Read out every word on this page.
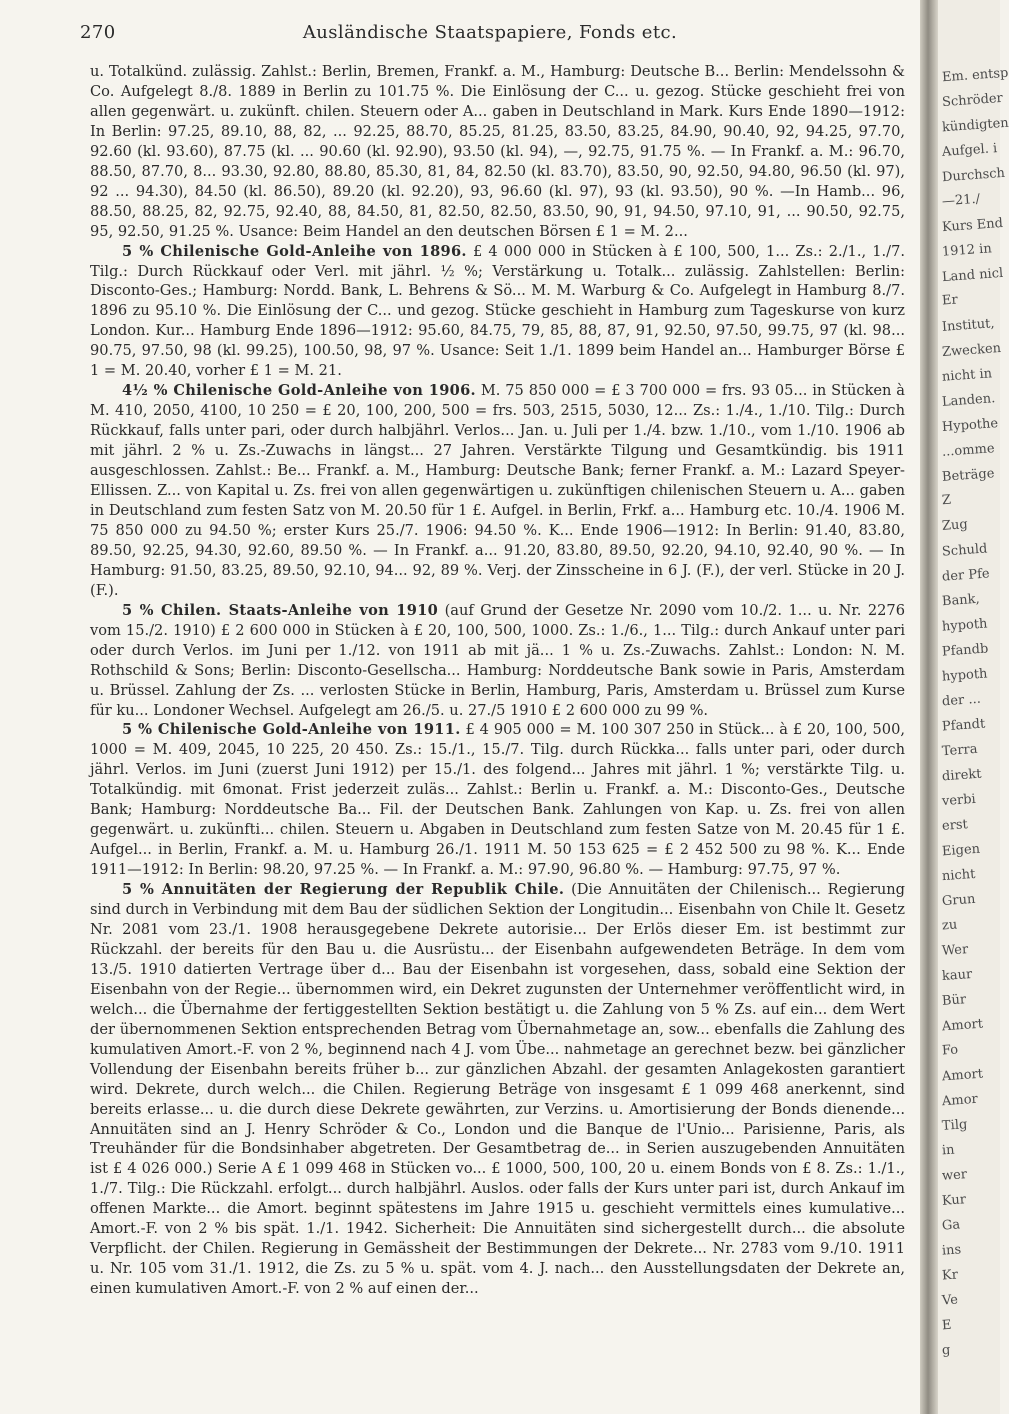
270	Ausländische Staatspapiere, Fonds etc.

u. Totalkünd. zulässig. Zahlst.: Berlin, Bremen, Frankf. a. M., Hamburg: Deutsche B... Berlin: Mendelssohn & Co. Aufgelegt 8./8. 1889 in Berlin zu 101.75 %. Die Einlösung der C... u. gezog. Stücke geschieht frei von allen gegenwärt. u. zukünft. chilen. Steuern oder A... gaben in Deutschland in Mark. Kurs Ende 1890—1912: In Berlin: 97.25, 89.10, 88, 82, ... 92.25, 88.70, 85.25, 81.25, 83.50, 83.25, 84.90, 90.40, 92, 94.25, 97.70, 92.60 (kl. 93.60), 87.75 (kl. ... 90.60 (kl. 92.90), 93.50 (kl. 94), —, 92.75, 91.75 %. — In Frankf. a. M.: 96.70, 88.50, 87.70, 8... 93.30, 92.80, 88.80, 85.30, 81, 84, 82.50 (kl. 83.70), 83.50, 90, 92.50, 94.80, 96.50 (kl. 97), 92 ... 94.30), 84.50 (kl. 86.50), 89.20 (kl. 92.20), 93, 96.60 (kl. 97), 93 (kl. 93.50), 90 %. —In Hamb... 96, 88.50, 88.25, 82, 92.75, 92.40, 88, 84.50, 81, 82.50, 82.50, 83.50, 90, 91, 94.50, 97.10, 91, ... 90.50, 92.75, 95, 92.50, 91.25 %. Usance: Beim Handel an den deutschen Börsen £ 1 = M. 2...

5 % Chilenische Gold-Anleihe von 1896. £ 4 000 000 in Stücken à £ 100, 500, 1... Zs.: 2./1., 1./7. Tilg.: Durch Rückkauf oder Verl. mit jährl. ½ %; Verstärkung u. Totalk... zulässig. Zahlstellen: Berlin: Disconto-Ges.; Hamburg: Nordd. Bank, L. Behrens & Sö... M. M. Warburg & Co. Aufgelegt in Hamburg 8./7. 1896 zu 95.10 %. Die Einlösung der C... und gezog. Stücke geschieht in Hamburg zum Tageskurse von kurz London. Kur... Hamburg Ende 1896—1912: 95.60, 84.75, 79, 85, 88, 87, 91, 92.50, 97.50, 99.75, 97 (kl. 98... 90.75, 97.50, 98 (kl. 99.25), 100.50, 98, 97 %. Usance: Seit 1./1. 1899 beim Handel an... Hamburger Börse £ 1 = M. 20.40, vorher £ 1 = M. 21.

4½ % Chilenische Gold-Anleihe von 1906. M. 75 850 000 = £ 3 700 000 = frs. 93 05... in Stücken à M. 410, 2050, 4100, 10 250 = £ 20, 100, 200, 500 = frs. 503, 2515, 5030, 12... Zs.: 1./4., 1./10. Tilg.: Durch Rückkauf, falls unter pari, oder durch halbjährl. Verlos... Jan. u. Juli per 1./4. bzw. 1./10., vom 1./10. 1906 ab mit jährl. 2 % u. Zs.-Zuwachs in längst... 27 Jahren. Verstärkte Tilgung und Gesamtkündig. bis 1911 ausgeschlossen. Zahlst.: Be... Frankf. a. M., Hamburg: Deutsche Bank; ferner Frankf. a. M.: Lazard Speyer-Ellissen. Z... von Kapital u. Zs. frei von allen gegenwärtigen u. zukünftigen chilenischen Steuern u. A... gaben in Deutschland zum festen Satz von M. 20.50 für 1 £. Aufgel. in Berlin, Frkf. a... Hamburg etc. 10./4. 1906 M. 75 850 000 zu 94.50 %; erster Kurs 25./7. 1906: 94.50 %. K... Ende 1906—1912: In Berlin: 91.40, 83.80, 89.50, 92.25, 94.30, 92.60, 89.50 %. — In Frankf. a... 91.20, 83.80, 89.50, 92.20, 94.10, 92.40, 90 %. — In Hamburg: 91.50, 83.25, 89.50, 92.10, 94... 92, 89 %. Verj. der Zinsscheine in 6 J. (F.), der verl. Stücke in 20 J. (F.).

5 % Chilen. Staats-Anleihe von 1910 (auf Grund der Gesetze Nr. 2090 vom 10./2. 1... u. Nr. 2276 vom 15./2. 1910) £ 2 600 000 in Stücken à £ 20, 100, 500, 1000. Zs.: 1./6., 1... Tilg.: durch Ankauf unter pari oder durch Verlos. im Juni per 1./12. von 1911 ab mit jä... 1 % u. Zs.-Zuwachs. Zahlst.: London: N. M. Rothschild & Sons; Berlin: Disconto-Gesellscha... Hamburg: Norddeutsche Bank sowie in Paris, Amsterdam u. Brüssel. Zahlung der Zs. ... verlosten Stücke in Berlin, Hamburg, Paris, Amsterdam u. Brüssel zum Kurse für ku... Londoner Wechsel. Aufgelegt am 26./5. u. 27./5 1910 £ 2 600 000 zu 99 %.

5 % Chilenische Gold-Anleihe von 1911. £ 4 905 000 = M. 100 307 250 in Stück... à £ 20, 100, 500, 1000 = M. 409, 2045, 10 225, 20 450. Zs.: 15./1., 15./7. Tilg. durch Rückka... falls unter pari, oder durch jährl. Verlos. im Juni (zuerst Juni 1912) per 15./1. des folgend... Jahres mit jährl. 1 %; verstärkte Tilg. u. Totalkündig. mit 6monat. Frist jederzeit zuläs... Zahlst.: Berlin u. Frankf. a. M.: Disconto-Ges., Deutsche Bank; Hamburg: Norddeutsche Ba... Fil. der Deutschen Bank. Zahlungen von Kap. u. Zs. frei von allen gegenwärt. u. zukünfti... chilen. Steuern u. Abgaben in Deutschland zum festen Satze von M. 20.45 für 1 £. Aufgel... in Berlin, Frankf. a. M. u. Hamburg 26./1. 1911 M. 50 153 625 = £ 2 452 500 zu 98 %. K... Ende 1911—1912: In Berlin: 98.20, 97.25 %. — In Frankf. a. M.: 97.90, 96.80 %. — Hamburg: 97.75, 97 %.

5 % Annuitäten der Regierung der Republik Chile. (Die Annuitäten der Chilenisch... Regierung sind durch in Verbindung mit dem Bau der südlichen Sektion der Longitudin... Eisenbahn von Chile lt. Gesetz Nr. 2081 vom 23./1. 1908 herausgegebene Dekrete autorisie... Der Erlös dieser Em. ist bestimmt zur Rückzahl. der bereits für den Bau u. die Ausrüstu... der Eisenbahn aufgewendeten Beträge. In dem vom 13./5. 1910 datierten Vertrage über d... Bau der Eisenbahn ist vorgesehen, dass, sobald eine Sektion der Eisenbahn von der Regie... übernommen wird, ein Dekret zugunsten der Unternehmer veröffentlicht wird, in welch... die Übernahme der fertiggestellten Sektion bestätigt u. die Zahlung von 5 % Zs. auf ein... dem Wert der übernommenen Sektion entsprechenden Betrag vom Übernahmetage an, sow... ebenfalls die Zahlung des kumulativen Amort.-F. von 2 %, beginnend nach 4 J. vom Übe... nahmetage an gerechnet bezw. bei gänzlicher Vollendung der Eisenbahn bereits früher b... zur gänzlichen Abzahl. der gesamten Anlagekosten garantiert wird. Dekrete, durch welch... die Chilen. Regierung Beträge von insgesamt £ 1 099 468 anerkennt, sind bereits erlasse... u. die durch diese Dekrete gewährten, zur Verzins. u. Amortisierung der Bonds dienende... Annuitäten sind an J. Henry Schröder & Co., London und die Banque de l'Unio... Parisienne, Paris, als Treuhänder für die Bondsinhaber abgetreten. Der Gesamtbetrag de... in Serien auszugebenden Annuitäten ist £ 4 026 000.) Serie A £ 1 099 468 in Stücken vo... £ 1000, 500, 100, 20 u. einem Bonds von £ 8. Zs.: 1./1., 1./7. Tilg.: Die Rückzahl. erfolgt... durch halbjährl. Auslos. oder falls der Kurs unter pari ist, durch Ankauf im offenen Markte... die Amort. beginnt spätestens im Jahre 1915 u. geschieht vermittels eines kumulative... Amort.-F. von 2 % bis spät. 1./1. 1942. Sicherheit: Die Annuitäten sind sichergestellt durch... die absolute Verpflicht. der Chilen. Regierung in Gemässheit der Bestimmungen der Dekrete... Nr. 2783 vom 9./10. 1911 u. Nr. 105 vom 31./1. 1912, die Zs. zu 5 % u. spät. vom 4. J. nach... den Ausstellungsdaten der Dekrete an, einen kumulativen Amort.-F. von 2 % auf einen der...

Em. entsp
Schröder
kündigten
Aufgel. i
Durchsch
—21./
Kurs End
1912 in
Land nicl
Er
Institut,
Zwecken
nicht in
Landen.
Hypothe
...omme
Beträge
Z
Zug
Schuld
der Pfe
Bank,
hypoth
Pfandb
hypoth
der ...
Pfandt
Terra
direkt
verbi
erst
Eigen
nicht
Grun
zu
Wer
kaur
Bür
Amort
Fo
Amort
Amor
Tilg
in
wer
Kur
Ga
ins
Kr
Ve
E
g
